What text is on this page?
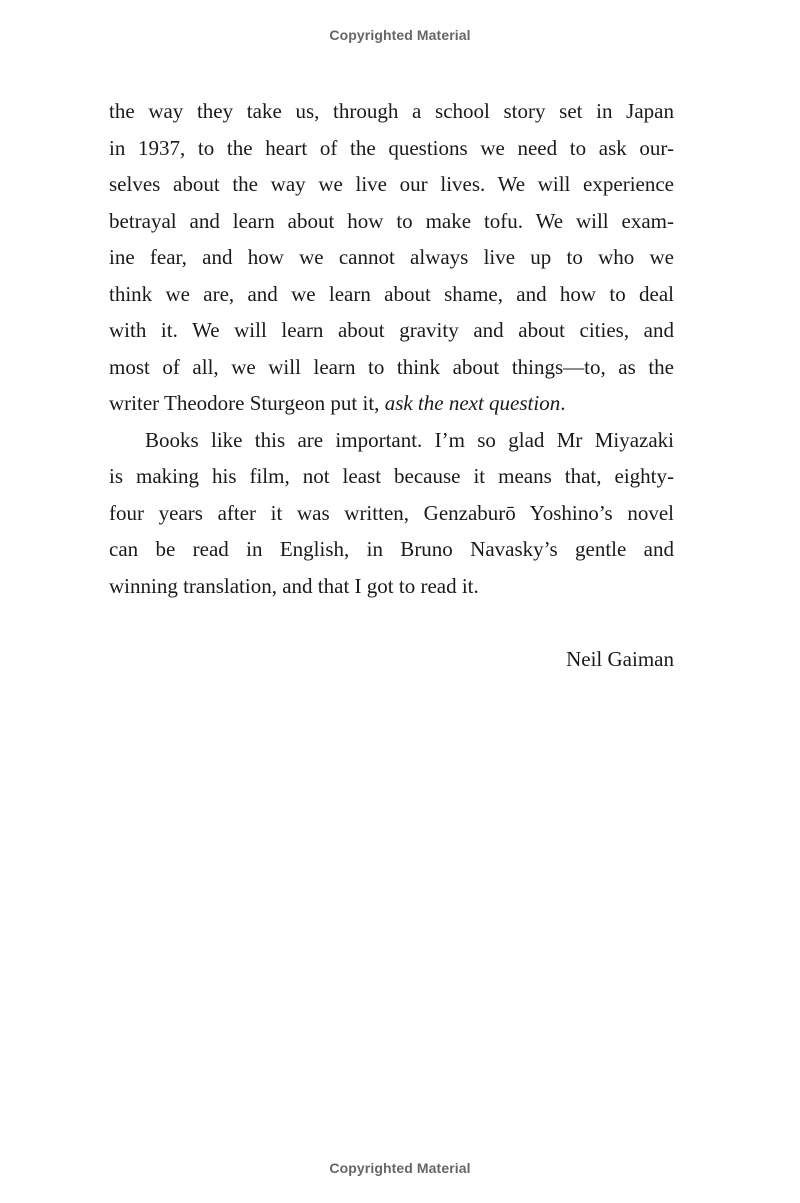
Copyrighted Material
the way they take us, through a school story set in Japan
in 1937, to the heart of the questions we need to ask our-
selves about the way we live our lives. We will experience
betrayal and learn about how to make tofu. We will exam-
ine fear, and how we cannot always live up to who we
think we are, and we learn about shame, and how to deal
with it. We will learn about gravity and about cities, and
most of all, we will learn to think about things—to, as the
writer Theodore Sturgeon put it, ask the next question.
Books like this are important. I’m so glad Mr Miyazaki
is making his film, not least because it means that, eighty-
four years after it was written, Genzaburō Yoshino’s novel
can be read in English, in Bruno Navasky’s gentle and
winning translation, and that I got to read it.
Neil Gaiman
Copyrighted Material
